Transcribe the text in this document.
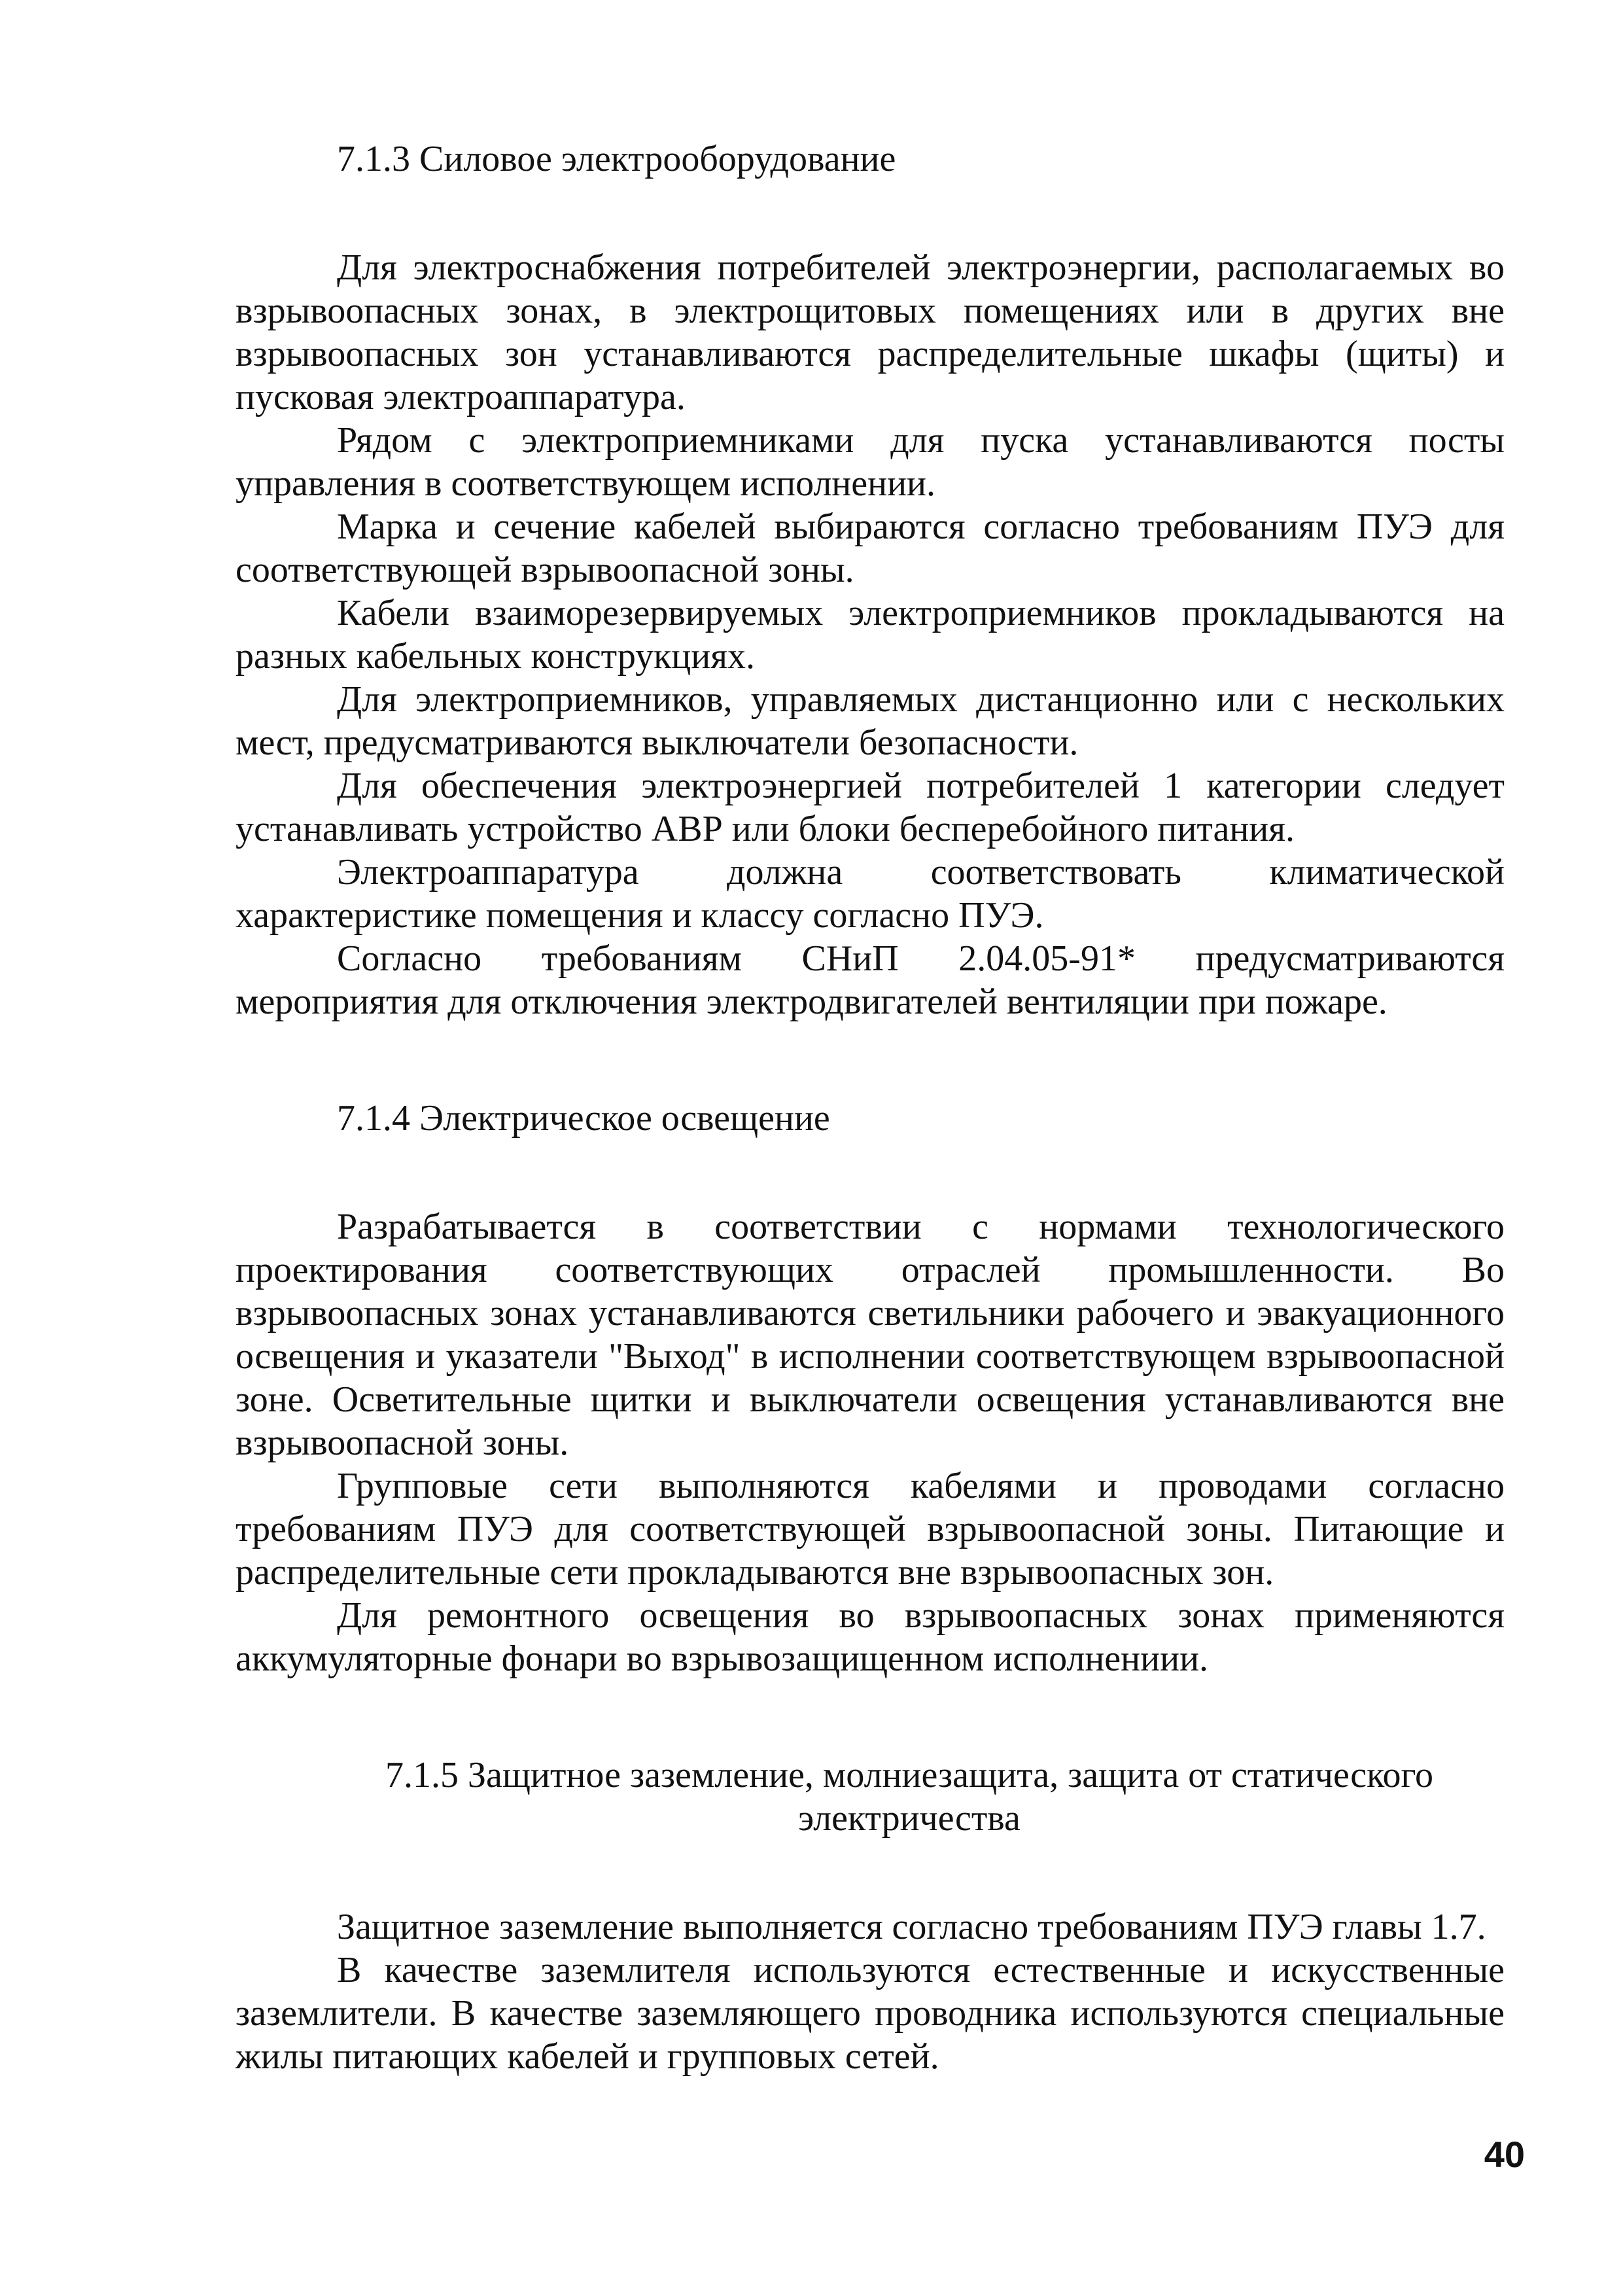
7.1.3 Силовое электрооборудование

Для электроснабжения потребителей электроэнергии, располагаемых во взрывоопасных зонах, в электрощитовых помещениях или в других вне взрывоопасных зон устанавливаются распределительные шкафы (щиты) и пусковая электроаппаратура.

Рядом с электроприемниками для пуска устанавливаются посты управления в соответствующем исполнении.

Марка и сечение кабелей выбираются согласно требованиям ПУЭ для соответствующей взрывоопасной зоны.

Кабели взаиморезервируемых электроприемников прокладываются на разных кабельных конструкциях.

Для электроприемников, управляемых дистанционно или с нескольких мест, предусматриваются выключатели безопасности.

Для обеспечения электроэнергией потребителей 1 категории следует устанавливать устройство АВР или блоки бесперебойного питания.

Электроаппаратура должна соответствовать климатической характеристике помещения и классу согласно ПУЭ.

Согласно требованиям СНиП 2.04.05-91* предусматриваются мероприятия для отключения электродвигателей вентиляции при пожаре.

7.1.4 Электрическое освещение

Разрабатывается в соответствии с нормами технологического проектирования соответствующих отраслей промышленности. Во взрывоопасных зонах устанавливаются светильники рабочего и эвакуационного освещения и указатели "Выход" в исполнении соответствующем взрывоопасной зоне. Осветительные щитки и выключатели освещения устанавливаются вне взрывоопасной зоны.

Групповые сети выполняются кабелями и проводами согласно требованиям ПУЭ для соответствующей взрывоопасной зоны. Питающие и распределительные сети прокладываются вне взрывоопасных зон.

Для ремонтного освещения во взрывоопасных зонах применяются аккумуляторные фонари во взрывозащищенном исполнениии.

7.1.5 Защитное заземление, молниезащита, защита от статического

электричества

Защитное заземление выполняется согласно требованиям ПУЭ главы 1.7.

В качестве заземлителя используются естественные и искусственные заземлители. В качестве заземляющего проводника используются специальные жилы питающих кабелей и групповых сетей.

40
